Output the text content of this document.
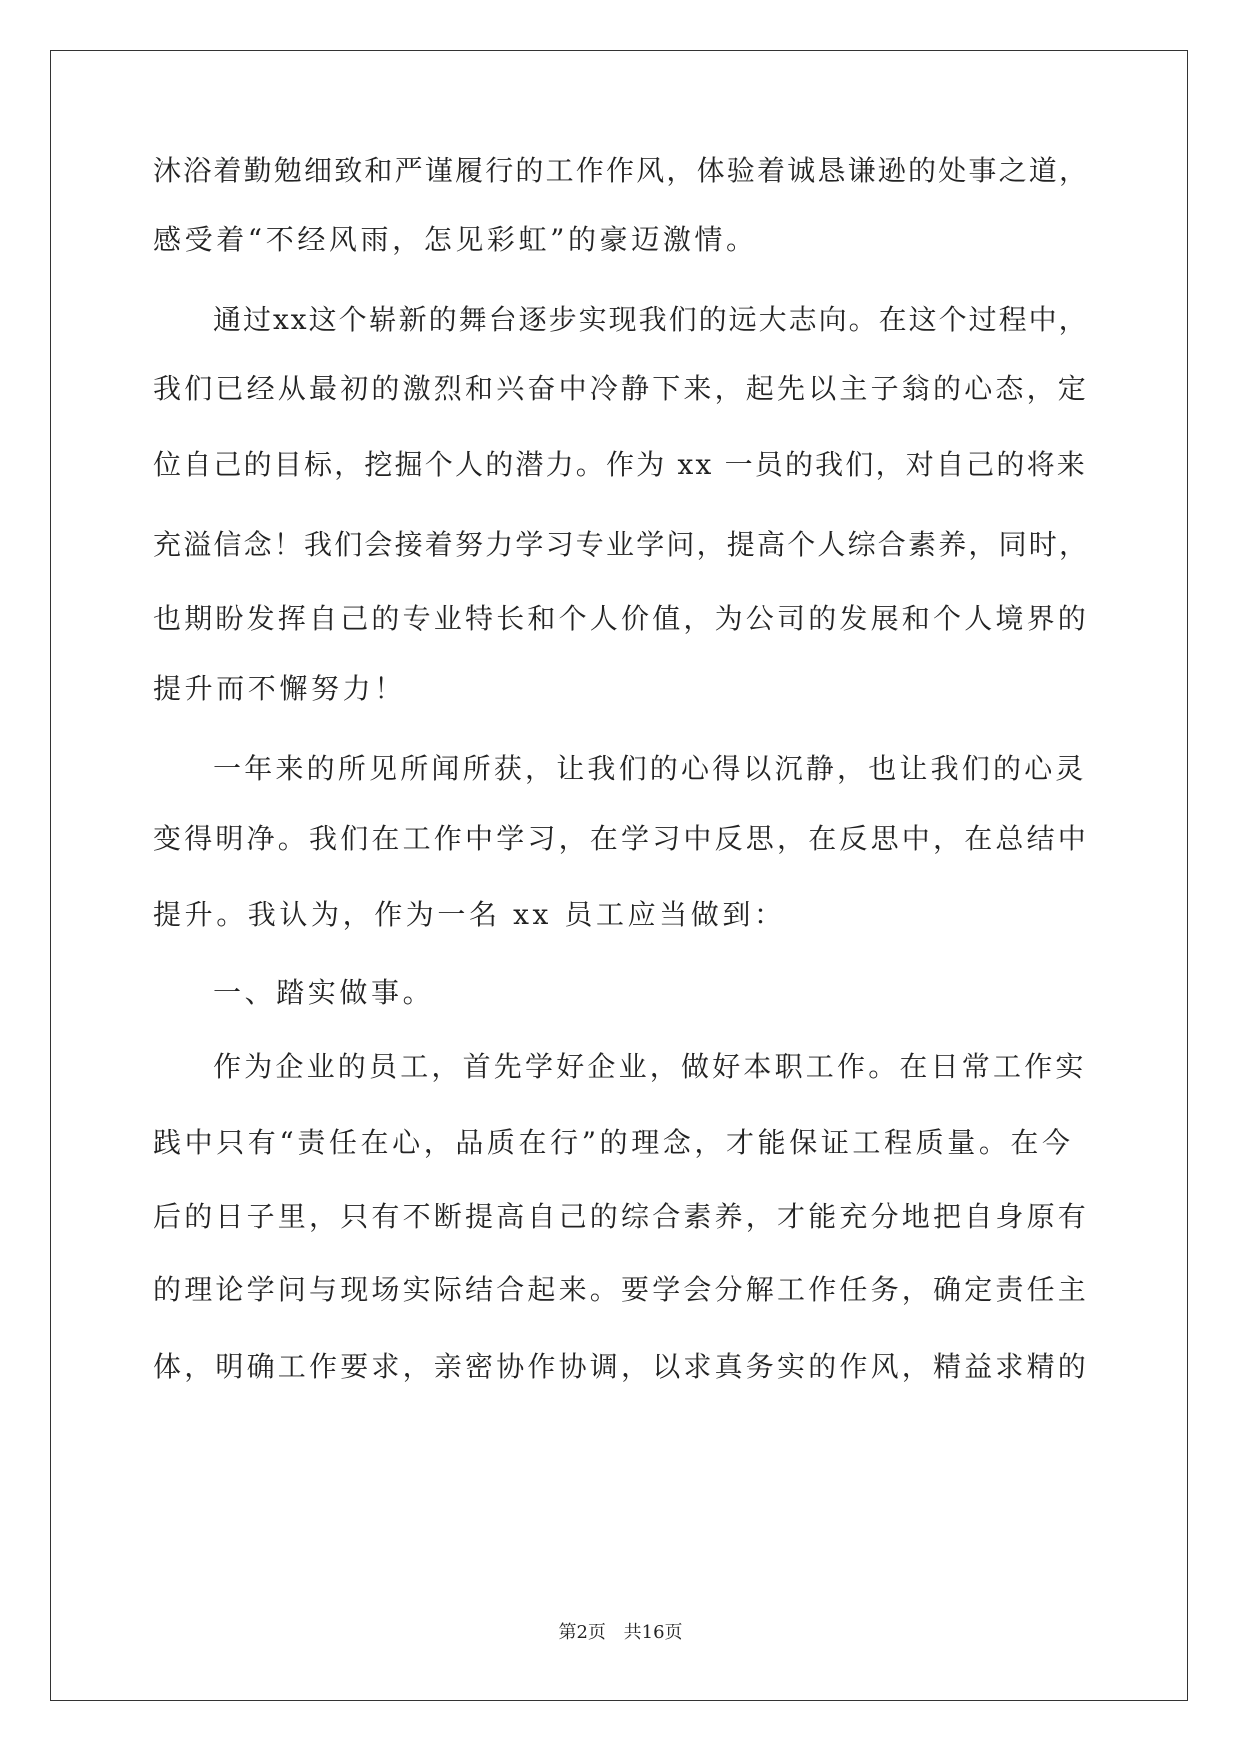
沐浴着勤勉细致和严谨履行的工作作风，体验着诚恳谦逊的处事之道，

感受着“不经风雨，怎见彩虹”的豪迈激情。

通过xx这个崭新的舞台逐步实现我们的远大志向。在这个过程中，

我们已经从最初的激烈和兴奋中冷静下来，起先以主子翁的心态，定

位自己的目标，挖掘个人的潜力。作为 xx 一员的我们，对自己的将来

充溢信念！我们会接着努力学习专业学问，提高个人综合素养，同时，

也期盼发挥自己的专业特长和个人价值，为公司的发展和个人境界的

提升而不懈努力！

一年来的所见所闻所获，让我们的心得以沉静，也让我们的心灵

变得明净。我们在工作中学习，在学习中反思，在反思中，在总结中

提升。我认为，作为一名 xx 员工应当做到：

一、踏实做事。

作为企业的员工，首先学好企业，做好本职工作。在日常工作实

践中只有“责任在心，品质在行”的理念，才能保证工程质量。在今

后的日子里，只有不断提高自己的综合素养，才能充分地把自身原有

的理论学问与现场实际结合起来。要学会分解工作任务，确定责任主

体，明确工作要求，亲密协作协调，以求真务实的作风，精益求精的

第2页 共16页
